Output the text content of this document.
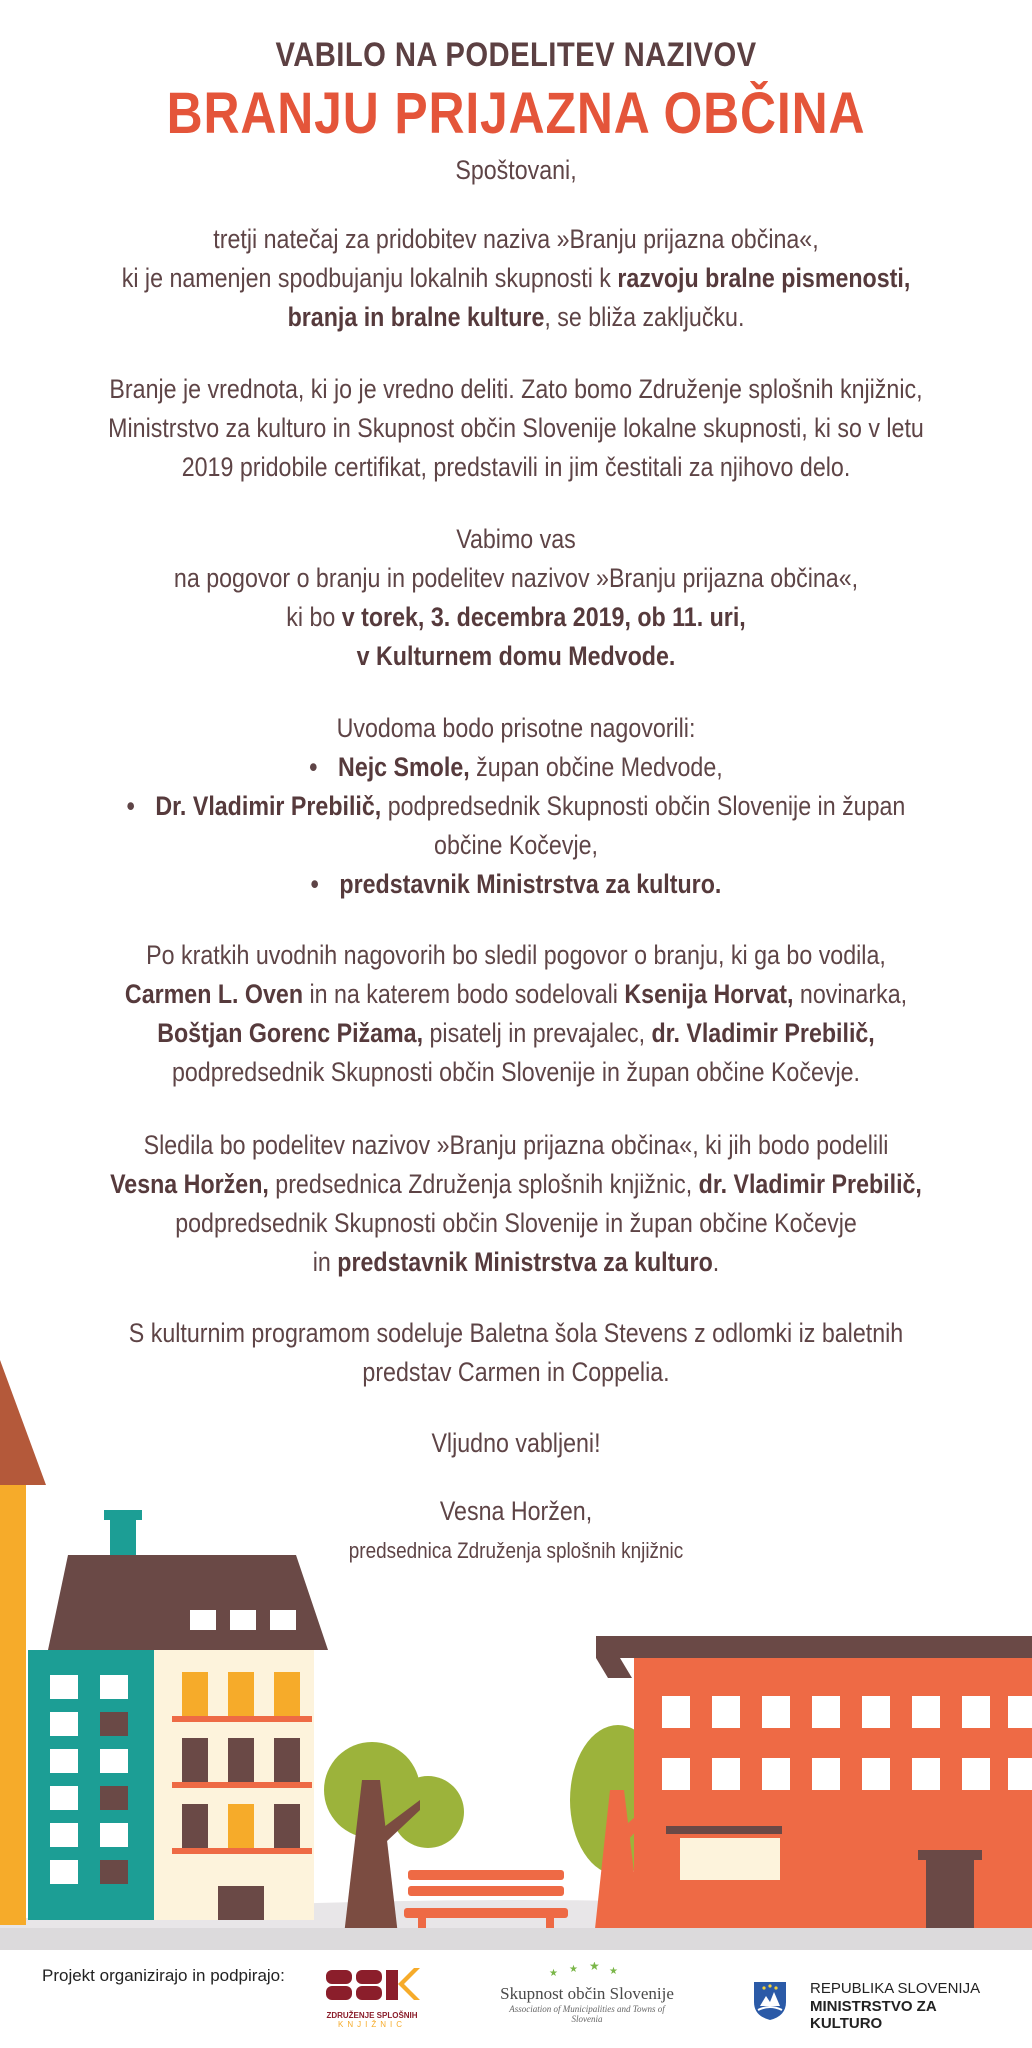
VABILO NA PODELITEV NAZIVOV
BRANJU PRIJAZNA OBČINA
Spoštovani,
tretji natečaj za pridobitev naziva »Branju prijazna občina«,
ki je namenjen spodbujanju lokalnih skupnosti k razvoju bralne pismenosti,
branja in bralne kulture, se bliža zaključku.
Branje je vrednota, ki jo je vredno deliti. Zato bomo Združenje splošnih knjižnic,
Ministrstvo za kulturo in Skupnost občin Slovenije lokalne skupnosti, ki so v letu
2019 pridobile certifikat, predstavili in jim čestitali za njihovo delo.
Vabimo vas
na pogovor o branju in podelitev nazivov »Branju prijazna občina«,
ki bo v torek, 3. decembra 2019, ob 11. uri,
v Kulturnem domu Medvode.
Uvodoma bodo prisotne nagovorili:
• Nejc Smole, župan občine Medvode,
• Dr. Vladimir Prebilič, podpredsednik Skupnosti občin Slovenije in župan
občine Kočevje,
• predstavnik Ministrstva za kulturo.
Po kratkih uvodnih nagovorih bo sledil pogovor o branju, ki ga bo vodila,
Carmen L. Oven in na katerem bodo sodelovali Ksenija Horvat, novinarka,
Boštjan Gorenc Pižama, pisatelj in prevajalec, dr. Vladimir Prebilič,
podpredsednik Skupnosti občin Slovenije in župan občine Kočevje.
Sledila bo podelitev nazivov »Branju prijazna občina«, ki jih bodo podelili
Vesna Horžen, predsednica Združenja splošnih knjižnic, dr. Vladimir Prebilič,
podpredsednik Skupnosti občin Slovenije in župan občine Kočevje
in predstavnik Ministrstva za kulturo.
S kulturnim programom sodeluje Baletna šola Stevens z odlomki iz baletnih
predstav Carmen in Coppelia.
Vljudno vabljeni!
Vesna Horžen,
predsednica Združenja splošnih knjižnic
Projekt organizirajo in podpirajo:
ZDRUŽENJE SPLOŠNIH
KNJIŽNIC
★ ★ ★ ★
Skupnost občin Slovenije
Association of Municipalities and Towns of Slovenia
REPUBLIKA SLOVENIJA
MINISTRSTVO ZA KULTURO
